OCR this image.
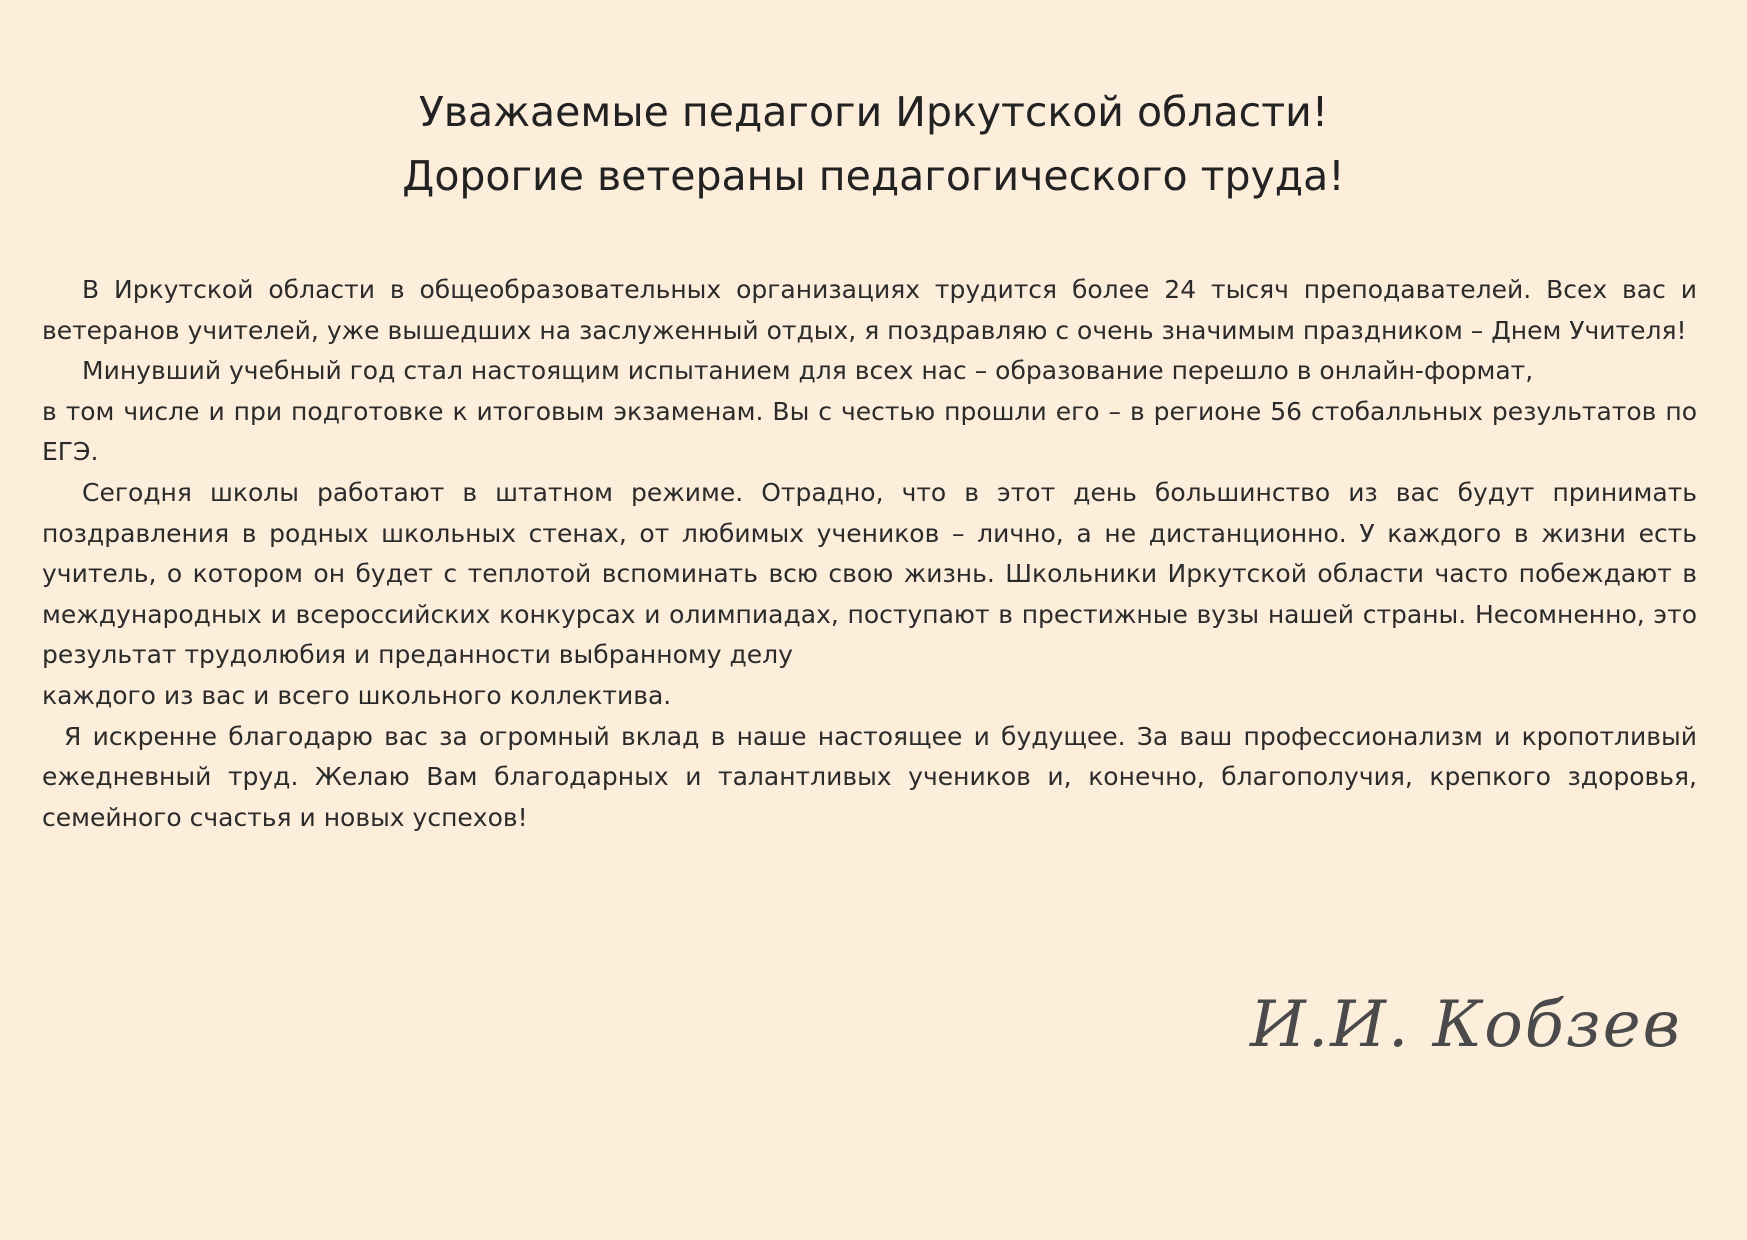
Уважаемые педагоги Иркутской области!
Дорогие ветераны педагогического труда!

В Иркутской области в общеобразовательных организациях трудится более 24 тысяч преподавателей. Всех вас и ветеранов учителей, уже вышедших на заслуженный отдых, я поздравляю с очень значимым праздником – Днем Учителя!

Минувший учебный год стал настоящим испытанием для всех нас – образование перешло в онлайн-формат,

в том числе и при подготовке к итоговым экзаменам. Вы с честью прошли его – в регионе 56 стобалльных результатов по ЕГЭ.

Сегодня школы работают в штатном режиме. Отрадно, что в этот день большинство из вас будут принимать поздравления в родных школьных стенах, от любимых учеников – лично, а не дистанционно. У каждого в жизни есть учитель, о котором он будет с теплотой вспоминать всю свою жизнь. Школьники Иркутской области часто побеждают в международных и всероссийских конкурсах и олимпиадах, поступают в престижные вузы нашей страны. Несомненно, это результат трудолюбия и преданности выбранному делу

каждого из вас и всего школьного коллектива.

Я искренне благодарю вас за огромный вклад в наше настоящее и будущее. За ваш профессионализм и кропотливый ежедневный труд. Желаю Вам благодарных и талантливых учеников и, конечно, благополучия, крепкого здоровья, семейного счастья и новых успехов!

И.И. Кобзев
